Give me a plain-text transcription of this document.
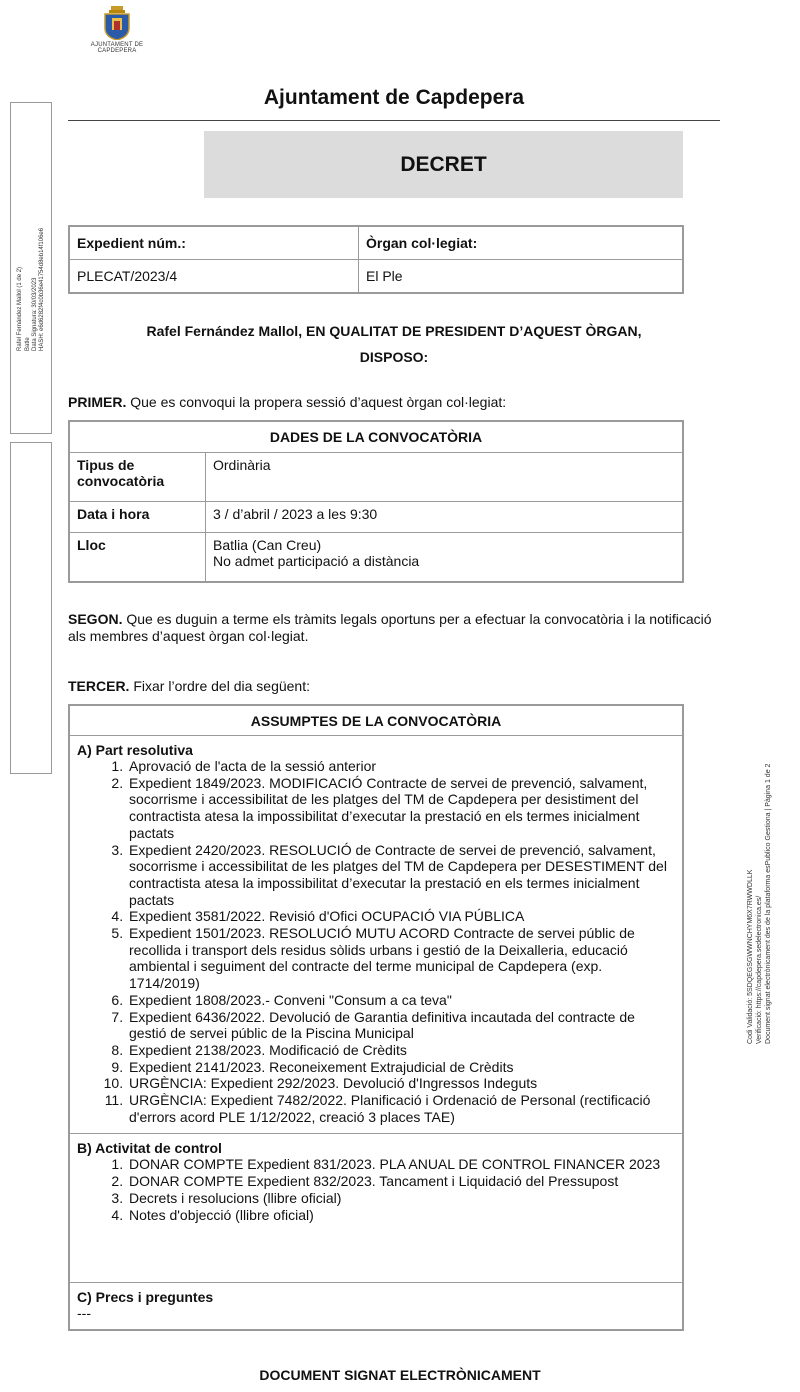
AJUNTAMENT DE CAPDEPERA
Rafel Fernández Mallol (1 de 2) Batle Data Signatura: 30/03/2023 HASH: e6d6282f4c0b36e41754d8eb14f106e6
Codi Validació: 5SDQEGSGWWNCHYM6X7RWWDLLK Verificació: https://capdepera.sedelectronica.es/ Document signat electrònicament des de la plataforma esPublico Gestiona | Pàgina 1 de 2
Ajuntament de Capdepera
DECRET
Expedient núm.:	Òrgan col·legiat:
PLECAT/2023/4	El Ple
Rafel Fernández Mallol, EN QUALITAT DE PRESIDENT D’AQUEST ÒRGAN,
DISPOSO:
PRIMER. Que es convoqui la propera sessió d’aquest òrgan col·legiat:
DADES DE LA CONVOCATÒRIA	
Tipus de convocatòria	Ordinària
Data i hora	3 / d’abril / 2023 a les 9:30
Lloc	Batlia (Can Creu)
No admet participació a distància
SEGON. Que es duguin a terme els tràmits legals oportuns per a efectuar la convocatòria i la notificació als membres d’aquest òrgan col·legiat.
TERCER. Fixar l’ordre del dia següent:
ASSUMPTES DE LA CONVOCATÒRIA

A) Part resolutiva
1. Aprovació de l'acta de la sessió anterior
2. Expedient 1849/2023. MODIFICACIÓ Contracte de servei de prevenció, salvament, socorrisme i accessibilitat de les platges del TM de Capdepera per desistiment del contractista atesa la impossibilitat d’executar la prestació en els termes inicialment pactats
3. Expedient 2420/2023. RESOLUCIÓ de Contracte de servei de prevenció, salvament, socorrisme i accessibilitat de les platges del TM de Capdepera per DESESTIMENT del contractista atesa la impossibilitat d’executar la prestació en els termes inicialment pactats
4. Expedient 3581/2022. Revisió d'Ofici OCUPACIÓ VIA PÚBLICA
5. Expedient 1501/2023. RESOLUCIÓ MUTU ACORD Contracte de servei públic de recollida i transport dels residus sòlids urbans i gestió de la Deixalleria, educació ambiental i seguiment del contracte del terme municipal de Capdepera (exp. 1714/2019)
6. Expedient 1808/2023.- Conveni "Consum a ca teva"
7. Expedient 6436/2022. Devolució de Garantia definitiva incautada del contracte de gestió de servei públic de la Piscina Municipal
8. Expedient 2138/2023. Modificació de Crèdits
9. Expedient 2141/2023. Reconeixement Extrajudicial de Crèdits
10. URGÈNCIA: Expedient 292/2023. Devolució d'Ingressos Indeguts
11. URGÈNCIA: Expedient 7482/2022. Planificació i Ordenació de Personal (rectificació d'errors acord PLE 1/12/2022, creació 3 places TAE)

B) Activitat de control
1. DONAR COMPTE Expedient 831/2023. PLA ANUAL DE CONTROL FINANCER 2023
2. DONAR COMPTE Expedient 832/2023. Tancament i Liquidació del Pressupost
3. Decrets i resolucions (llibre oficial)
4. Notes d'objecció (llibre oficial)

C) Precs i preguntes
---
DOCUMENT SIGNAT ELECTRÒNICAMENT
